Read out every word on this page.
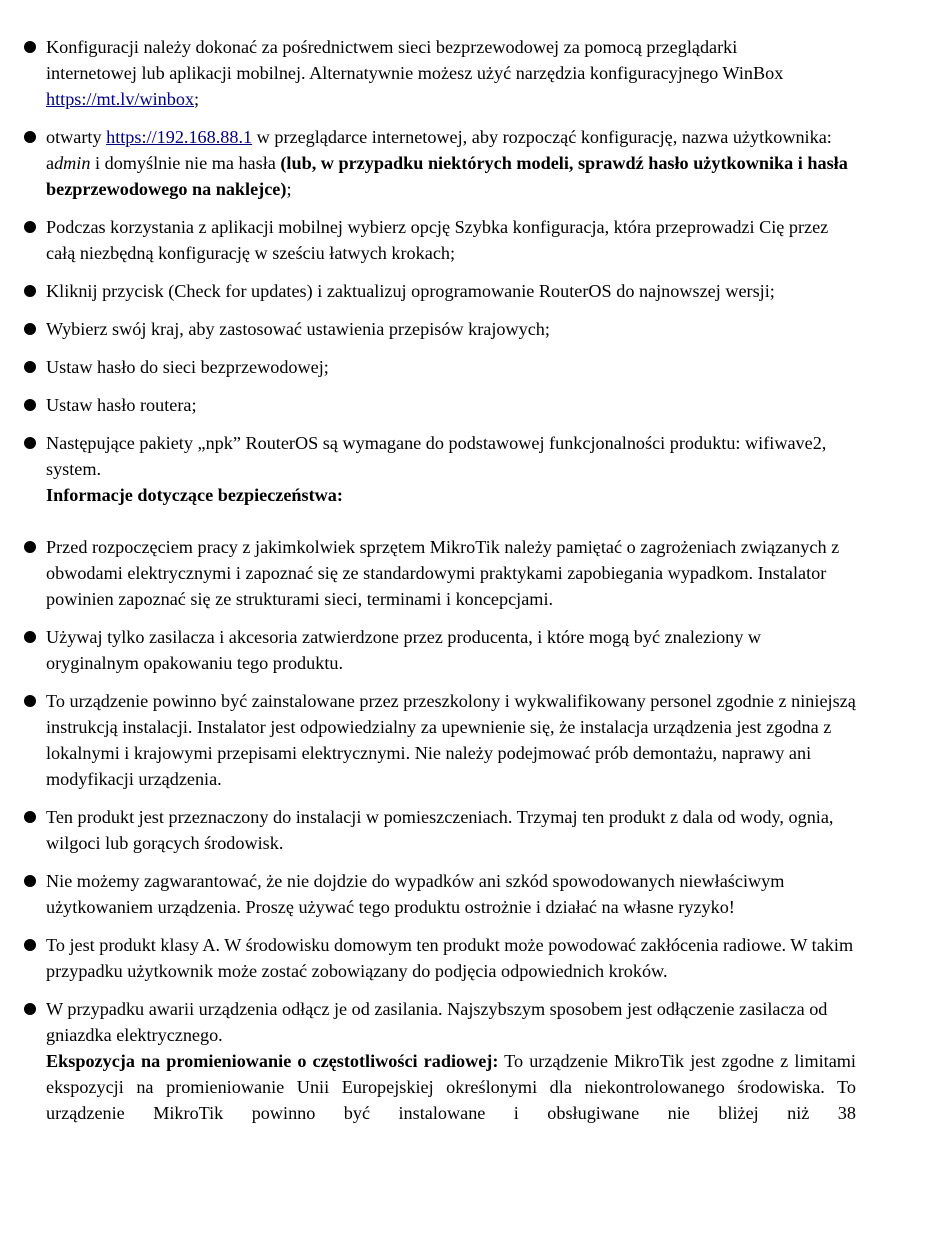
Konfiguracji należy dokonać za pośrednictwem sieci bezprzewodowej za pomocą przeglądarki internetowej lub aplikacji mobilnej. Alternatywnie możesz użyć narzędzia konfiguracyjnego WinBox https://mt.lv/winbox;
otwarty https://192.168.88.1 w przeglądarce internetowej, aby rozpocząć konfigurację, nazwa użytkownika: admin i domyślnie nie ma hasła (lub, w przypadku niektórych modeli, sprawdź hasło użytkownika i hasła bezprzewodowego na naklejce);
Podczas korzystania z aplikacji mobilnej wybierz opcję Szybka konfiguracja, która przeprowadzi Cię przez całą niezbędną konfigurację w sześciu łatwych krokach;
Kliknij przycisk (Check for updates) i zaktualizuj oprogramowanie RouterOS do najnowszej wersji;
Wybierz swój kraj, aby zastosować ustawienia przepisów krajowych;
Ustaw hasło do sieci bezprzewodowej;
Ustaw hasło routera;
Następujące pakiety „npk” RouterOS są wymagane do podstawowej funkcjonalności produktu: wifiwave2, system.
Informacje dotyczące bezpieczeństwa:
Przed rozpoczęciem pracy z jakimkolwiek sprzętem MikroTik należy pamiętać o zagrożeniach związanych z obwodami elektrycznymi i zapoznać się ze standardowymi praktykami zapobiegania wypadkom. Instalator powinien zapoznać się ze strukturami sieci, terminami i koncepcjami.
Używaj tylko zasilacza i akcesoria zatwierdzone przez producenta, i które mogą być znaleziony w oryginalnym opakowaniu tego produktu.
To urządzenie powinno być zainstalowane przez przeszkolony i wykwalifikowany personel zgodnie z niniejszą instrukcją instalacji. Instalator jest odpowiedzialny za upewnienie się, że instalacja urządzenia jest zgodna z lokalnymi i krajowymi przepisami elektrycznymi. Nie należy podejmować prób demontażu, naprawy ani modyfikacji urządzenia.
Ten produkt jest przeznaczony do instalacji w pomieszczeniach. Trzymaj ten produkt z dala od wody, ognia, wilgoci lub gorących środowisk.
Nie możemy zagwarantować, że nie dojdzie do wypadków ani szkód spowodowanych niewłaściwym użytkowaniem urządzenia. Proszę używać tego produktu ostrożnie i działać na własne ryzyko!
To jest produkt klasy A. W środowisku domowym ten produkt może powodować zakłócenia radiowe. W takim przypadku użytkownik może zostać zobowiązany do podjęcia odpowiednich kroków.
W przypadku awarii urządzenia odłącz je od zasilania. Najszybszym sposobem jest odłączenie zasilacza od gniazdka elektrycznego.
Ekspozycja na promieniowanie o częstotliwości radiowej: To urządzenie MikroTik jest zgodne z limitami ekspozycji na promieniowanie Unii Europejskiej określonymi dla niekontrolowanego środowiska. To urządzenie MikroTik powinno być instalowane i obsługiwane nie bliżej niż 38
